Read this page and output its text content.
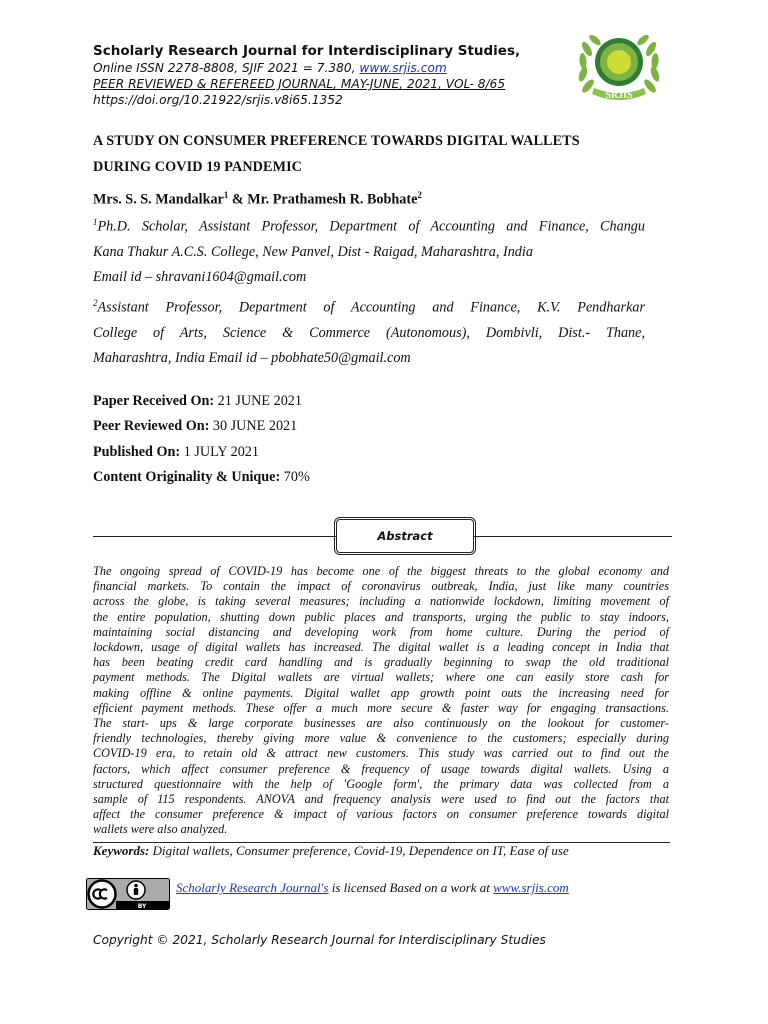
Scholarly Research Journal for Interdisciplinary Studies,
Online ISSN 2278-8808, SJIF 2021 = 7.380, www.srjis.com
PEER REVIEWED & REFEREED JOURNAL, MAY-JUNE, 2021, VOL- 8/65
https://doi.org/10.21922/srjis.v8i65.1352	SRJIS
A STUDY ON CONSUMER PREFERENCE TOWARDS DIGITAL WALLETS
DURING COVID 19 PANDEMIC
Mrs. S. S. Mandalkar$^1$ & Mr. Prathamesh R. Bobhate$^2$

$^1$Ph.D. Scholar, Assistant Professor, Department of Accounting and Finance, Changu

Kana Thakur A.C.S. College, New Panvel, Dist - Raigad, Maharashtra, India

Email id – shravani1604@gmail.com

$^2$Assistant Professor, Department of Accounting and Finance, K.V. Pendharkar

College of Arts, Science & Commerce (Autonomous), Dombivli, Dist.- Thane,

Maharashtra, India Email id – pbobhate50@gmail.com

Paper Received On: 21 JUNE 2021
Peer Reviewed On: 30 JUNE 2021
Published On: 1 JULY 2021
Content Originality & Unique: 70%
Abstract

The ongoing spread of COVID-19 has become one of the biggest threats to the global economy and

financial markets. To contain the impact of coronavirus outbreak, India, just like many countries

across the globe, is taking several measures; including a nationwide lockdown, limiting movement of

the entire population, shutting down public places and transports, urging the public to stay indoors,

maintaining social distancing and developing work from home culture. During the period of

lockdown, usage of digital wallets has increased. The digital wallet is a leading concept in India that

has been beating credit card handling and is gradually beginning to swap the old traditional

payment methods. The Digital wallets are virtual wallets; where one can easily store cash for

making offline & online payments. Digital wallet app growth point outs the increasing need for

efficient payment methods. These offer a much more secure & faster way for engaging transactions.

The start- ups & large corporate businesses are also continuously on the lookout for customer-

friendly technologies, thereby giving more value & convenience to the customers; especially during

COVID-19 era, to retain old & attract new customers. This study was carried out to find out the

factors, which affect consumer preference & frequency of usage towards digital wallets. Using a

structured questionnaire with the help of 'Google form', the primary data was collected from a

sample of 115 respondents. ANOVA and frequency analysis were used to find out the factors that

affect the consumer preference & impact of various factors on consumer preference towards digital

wallets were also analyzed.

Keywords: Digital wallets, Consumer preference, Covid-19, Dependence on IT, Ease of use
BY
Scholarly Research Journal's is licensed Based on a work at www.srjis.com
Copyright © 2021, Scholarly Research Journal for Interdisciplinary Studies
